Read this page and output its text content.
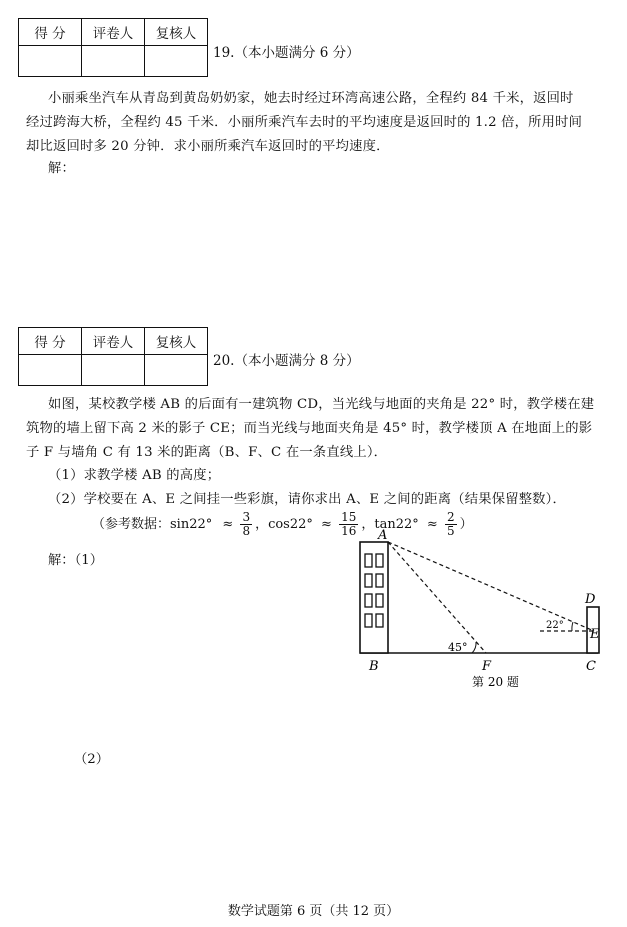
得 分	评卷人	复核人

19.（本小题满分 6 分）
小丽乘坐汽车从青岛到黄岛奶奶家，她去时经过环湾高速公路，全程约 84 千米，返回时
经过跨海大桥，全程约 45 千米．小丽所乘汽车去时的平均速度是返回时的 1.2 倍，所用时间
却比返回时多 20 分钟．求小丽所乘汽车返回时的平均速度．
解：
得 分	评卷人	复核人

20.（本小题满分 8 分）
如图，某校教学楼 AB 的后面有一建筑物 CD，当光线与地面的夹角是 22° 时，教学楼在建
筑物的墙上留下高 2 米的影子 CE；而当光线与地面夹角是 45° 时，教学楼顶 A 在地面上的影
子 F 与墙角 C 有 13 米的距离（B、F、C 在一条直线上）．
（1）求教学楼 AB 的高度；
（2）学校要在 A、E 之间挂一些彩旗，请你求出 A、E 之间的距离（结果保留整数）．
（参考数据：$\sin 22^\circ \approx \frac{3}{8}$ ，$\cos 22^\circ \approx \frac{15}{16}$ ，$\tan 22^\circ \approx \frac{2}{5}$ ）
解：（1）
A
B	F	C
D
E
45°
22°
第 20 题
（2）
数学试题第 6 页（共 12 页）
